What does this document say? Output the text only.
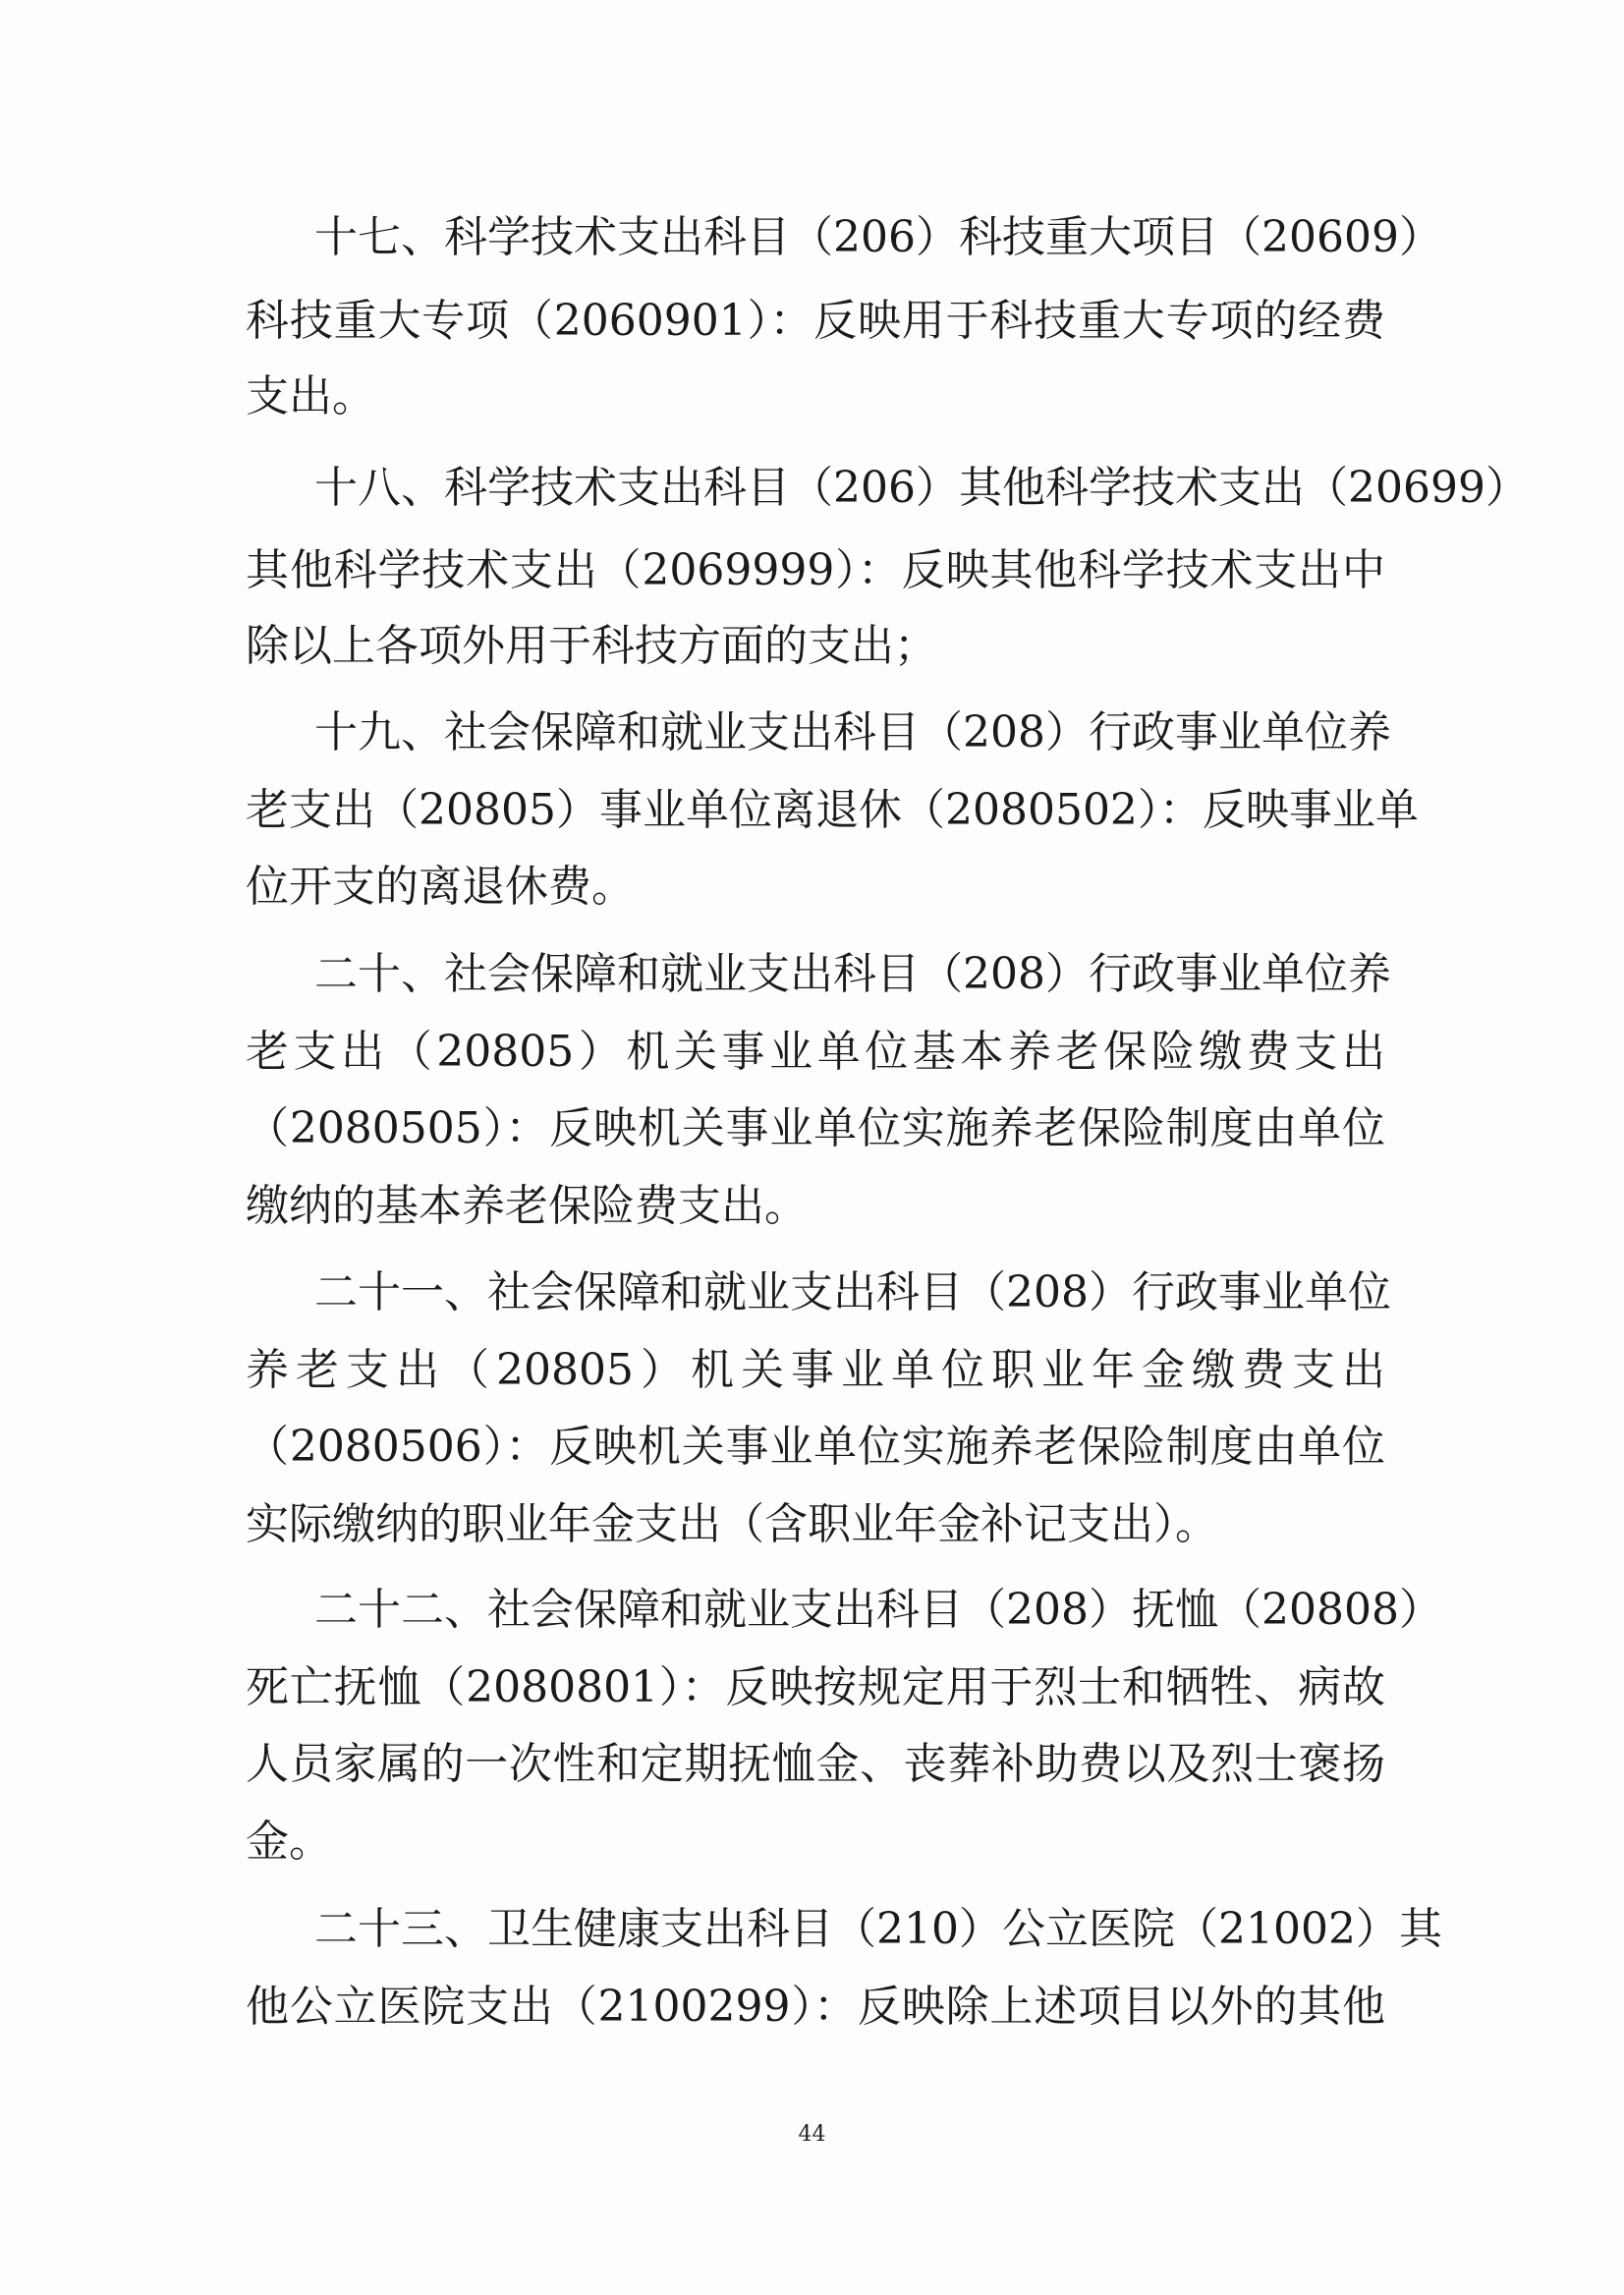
十七、科学技术支出科目（206）科技重大项目（20609）
科技重大专项（2060901）：反映用于科技重大专项的经费
支出。
十八、科学技术支出科目（206）其他科学技术支出（20699）
其他科学技术支出（2069999）：反映其他科学技术支出中
除以上各项外用于科技方面的支出；
十九、社会保障和就业支出科目（208）行政事业单位养
老支出（20805）事业单位离退休（2080502）：反映事业单
位开支的离退休费。
二十、社会保障和就业支出科目（208）行政事业单位养
老支出（20805）机关事业单位基本养老保险缴费支出
（2080505）：反映机关事业单位实施养老保险制度由单位
缴纳的基本养老保险费支出。
二十一、社会保障和就业支出科目（208）行政事业单位
养老支出（20805）机关事业单位职业年金缴费支出
（2080506）：反映机关事业单位实施养老保险制度由单位
实际缴纳的职业年金支出（含职业年金补记支出）。
二十二、社会保障和就业支出科目（208）抚恤（20808）
死亡抚恤（2080801）：反映按规定用于烈士和牺牲、病故
人员家属的一次性和定期抚恤金、丧葬补助费以及烈士褒扬
金。
二十三、卫生健康支出科目（210）公立医院（21002）其
他公立医院支出（2100299）：反映除上述项目以外的其他
44
